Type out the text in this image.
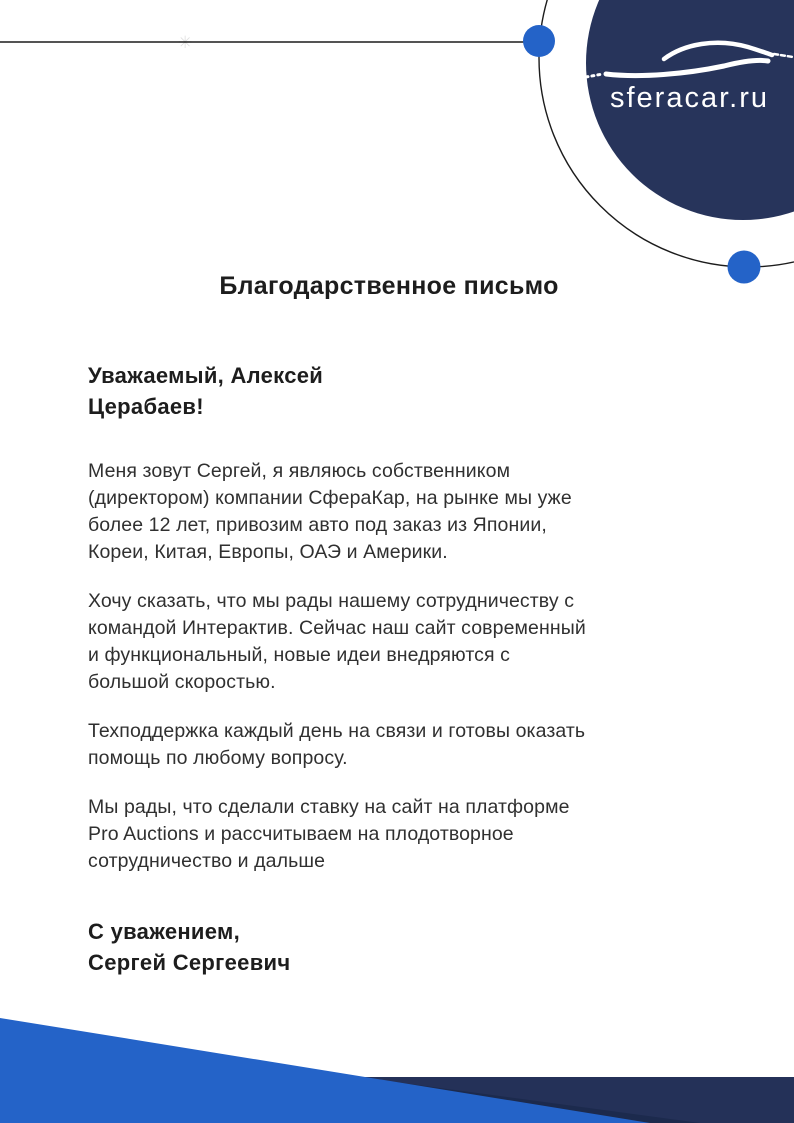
sferacar.ru
✳
Благодарственное письмо
Уважаемый, Алексей
Церабаев!
Меня зовут Сергей, я являюсь собственником
(директором) компании СфераКар, на рынке мы уже
более 12 лет, привозим авто под заказ из Японии,
Кореи, Китая, Европы, ОАЭ и Америки.
Хочу сказать, что мы рады нашему сотрудничеству с
командой Интерактив. Сейчас наш сайт современный
и функциональный, новые идеи внедряются с
большой скоростью.
Техподдержка каждый день на связи и готовы оказать
помощь по любому вопросу.
Мы рады, что сделали ставку на сайт на платформе
Pro Auctions и рассчитываем на плодотворное
сотрудничество и дальше
С уважением,
Сергей Сергеевич
